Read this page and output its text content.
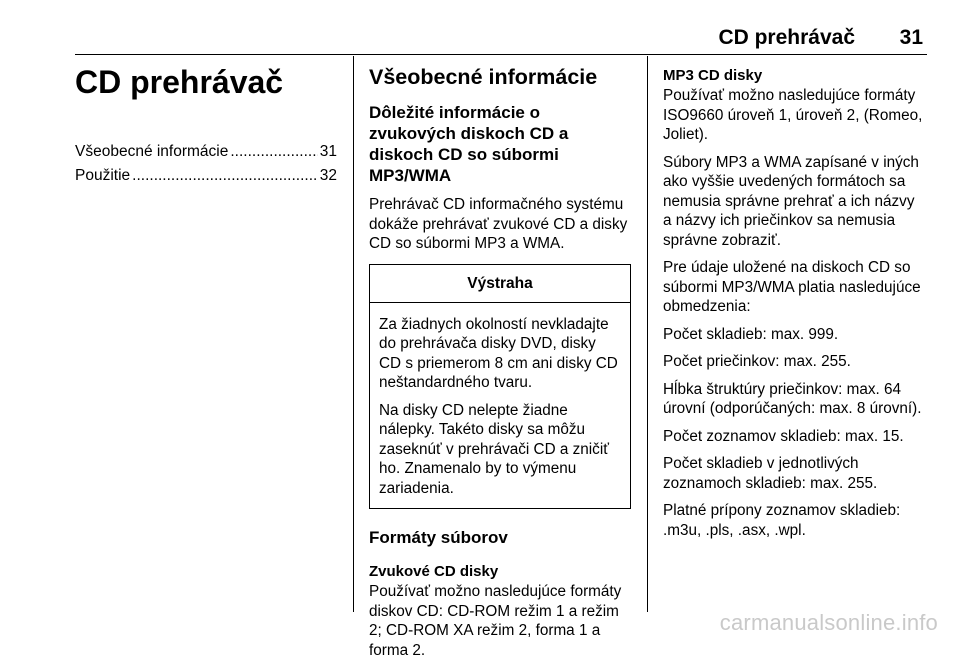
CD prehrávač 31
CD prehrávač
Všeobecné informácie .....	31
Použitie .....	32
Všeobecné informácie
Dôležité informácie o zvukových diskoch CD a diskoch CD so súbormi MP3/WMA

Prehrávač CD informačného systému dokáže prehrávať zvukové CD a disky CD so súbormi MP3 a WMA.

Výstraha

Za žiadnych okolností nevkladajte do prehrávača disky DVD, disky CD s priemerom 8 cm ani disky CD neštandardného tvaru.

Na disky CD nelepte žiadne nálepky. Takéto disky sa môžu zaseknúť v prehrávači CD a zničiť ho. Znamenalo by to výmenu zariadenia.

Formáty súborov
Zvukové CD disky

Používať možno nasledujúce formáty diskov CD: CD-ROM režim 1 a režim 2; CD-ROM XA režim 2, forma 1 a forma 2.

MP3 CD disky

Používať možno nasledujúce formáty ISO9660 úroveň 1, úroveň 2, (Romeo, Joliet).

Súbory MP3 a WMA zapísané v iných ako vyššie uvedených formátoch sa nemusia správne prehrať a ich názvy a názvy ich priečinkov sa nemusia správne zobraziť.

Pre údaje uložené na diskoch CD so súbormi MP3/WMA platia nasledujúce obmedzenia:

Počet skladieb: max. 999.

Počet priečinkov: max. 255.

Hĺbka štruktúry priečinkov: max. 64 úrovní (odporúčaných: max. 8 úrovní).

Počet zoznamov skladieb: max. 15.

Počet skladieb v jednotlivých zoznamoch skladieb: max. 255.

Platné prípony zoznamov skladieb: .m3u, .pls, .asx, .wpl.

carmanualsonline.info
